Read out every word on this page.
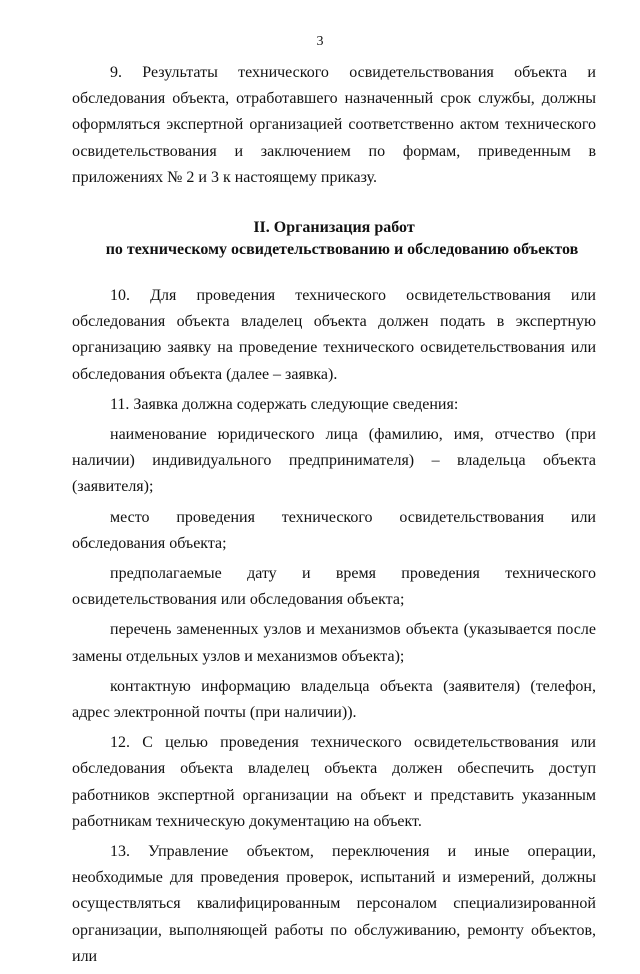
3

9. Результаты технического освидетельствования объекта и обследования объекта, отработавшего назначенный срок службы, должны оформляться экспертной организацией соответственно актом технического освидетельствования и заключением по формам, приведенным в приложениях № 2 и 3 к настоящему приказу.

II. Организация работ
по техническому освидетельствованию и обследованию объектов

10. Для проведения технического освидетельствования или обследования объекта владелец объекта должен подать в экспертную организацию заявку на проведение технического освидетельствования или обследования объекта (далее – заявка).

11. Заявка должна содержать следующие сведения:

наименование юридического лица (фамилию, имя, отчество (при наличии) индивидуального предпринимателя) – владельца объекта (заявителя);

место проведения технического освидетельствования или обследования объекта;

предполагаемые дату и время проведения технического освидетельствования или обследования объекта;

перечень замененных узлов и механизмов объекта (указывается после замены отдельных узлов и механизмов объекта);

контактную информацию владельца объекта (заявителя) (телефон, адрес электронной почты (при наличии)).

12. С целью проведения технического освидетельствования или обследования объекта владелец объекта должен обеспечить доступ работников экспертной организации на объект и представить указанным работникам техническую документацию на объект.

13. Управление объектом, переключения и иные операции, необходимые для проведения проверок, испытаний и измерений, должны осуществляться квалифицированным персоналом специализированной организации, выполняющей работы по обслуживанию, ремонту объектов, или
